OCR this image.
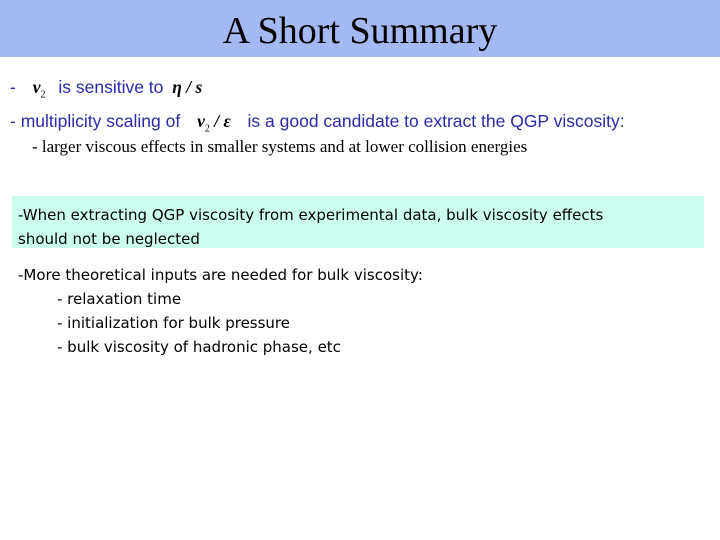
A Short Summary
- $v_2$ is sensitive to η / s
- multiplicity scaling of $v_2$ / ε is a good candidate to extract the QGP viscosity:
- larger viscous effects in smaller systems and at lower collision energies
-When extracting QGP viscosity from experimental data, bulk viscosity effects
should not be neglected
-More theoretical inputs are needed for bulk viscosity:
- relaxation time
- initialization for bulk pressure
- bulk viscosity of hadronic phase, etc
